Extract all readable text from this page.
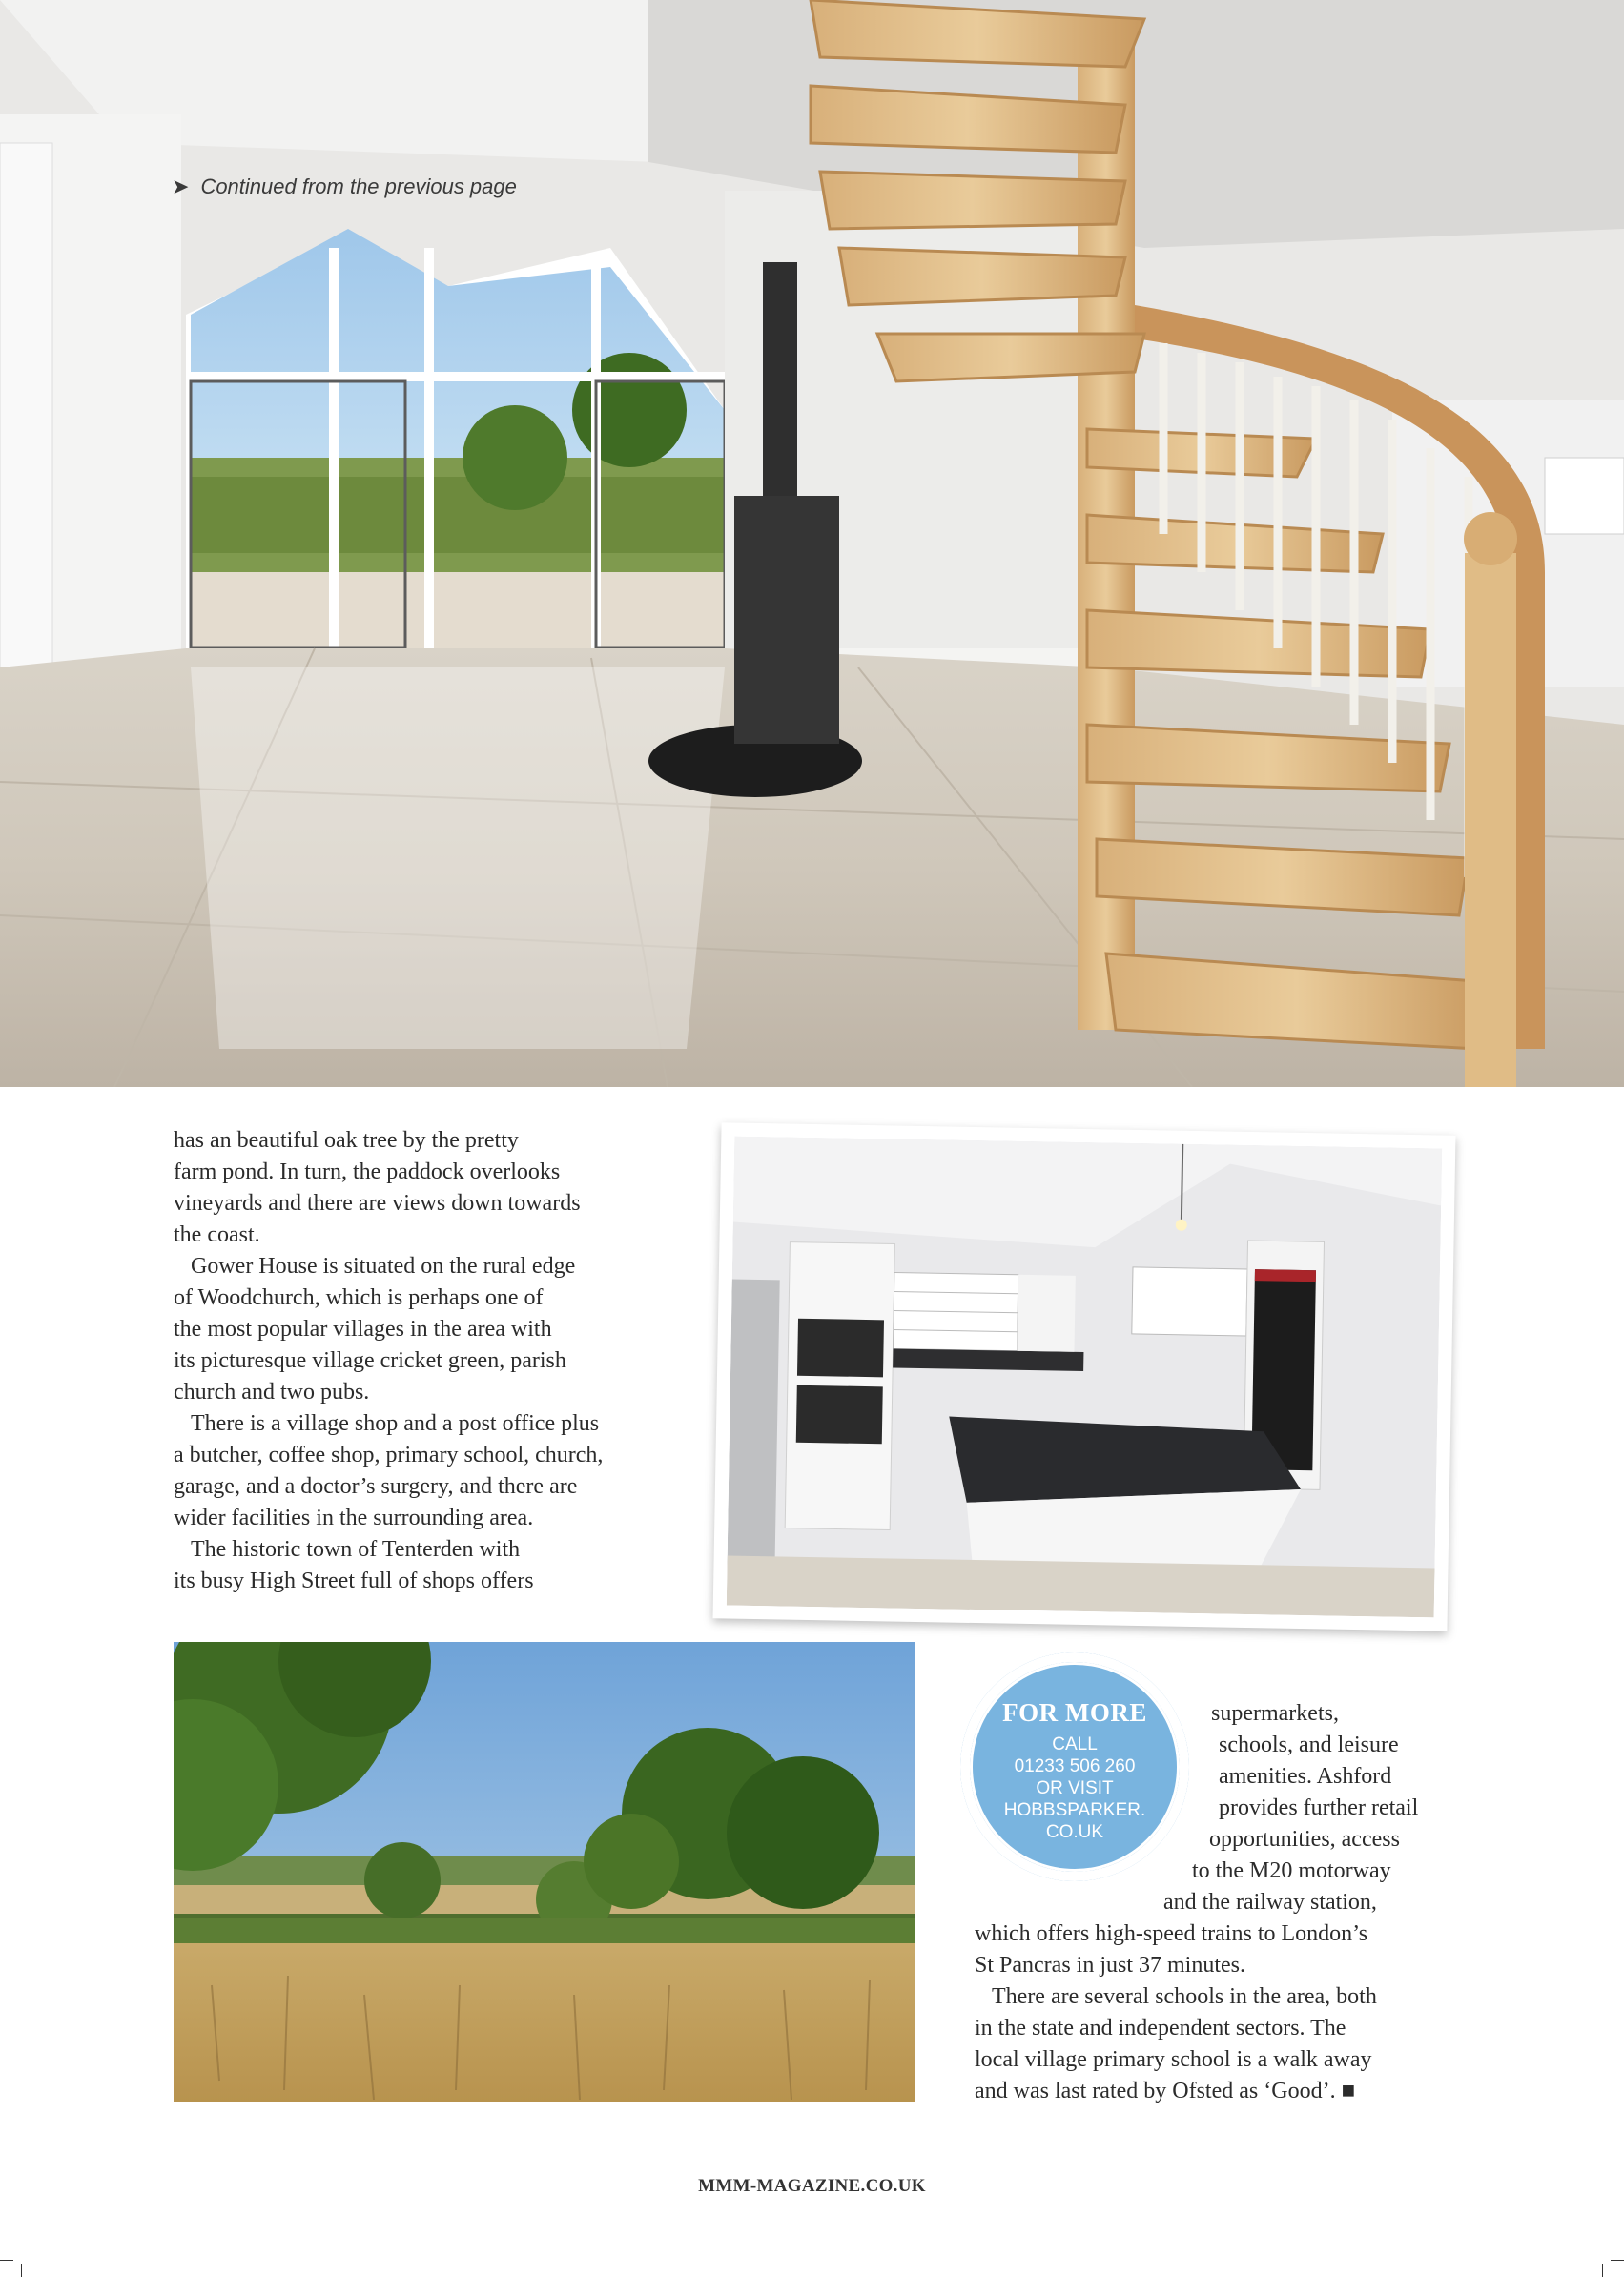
➤ Continued from the previous page
has an beautiful oak tree by the pretty
farm pond. In turn, the paddock overlooks
vineyards and there are views down towards
the coast.
Gower House is situated on the rural edge
of Woodchurch, which is perhaps one of
the most popular villages in the area with
its picturesque village cricket green, parish
church and two pubs.
There is a village shop and a post office plus
a butcher, coffee shop, primary school, church,
garage, and a doctor’s surgery, and there are
wider facilities in the surrounding area.
The historic town of Tenterden with
its busy High Street full of shops offers
FOR MORE
CALL
01233 506 260
OR VISIT
HOBBSPARKER.
CO.UK
supermarkets,
schools, and leisure
amenities. Ashford
provides further retail
opportunities, access
to the M20 motorway
and the railway station,
which offers high-speed trains to London’s
St Pancras in just 37 minutes.
There are several schools in the area, both
in the state and independent sectors. The
local village primary school is a walk away
and was last rated by Ofsted as ‘Good’. ■
MMM-MAGAZINE.CO.UK
